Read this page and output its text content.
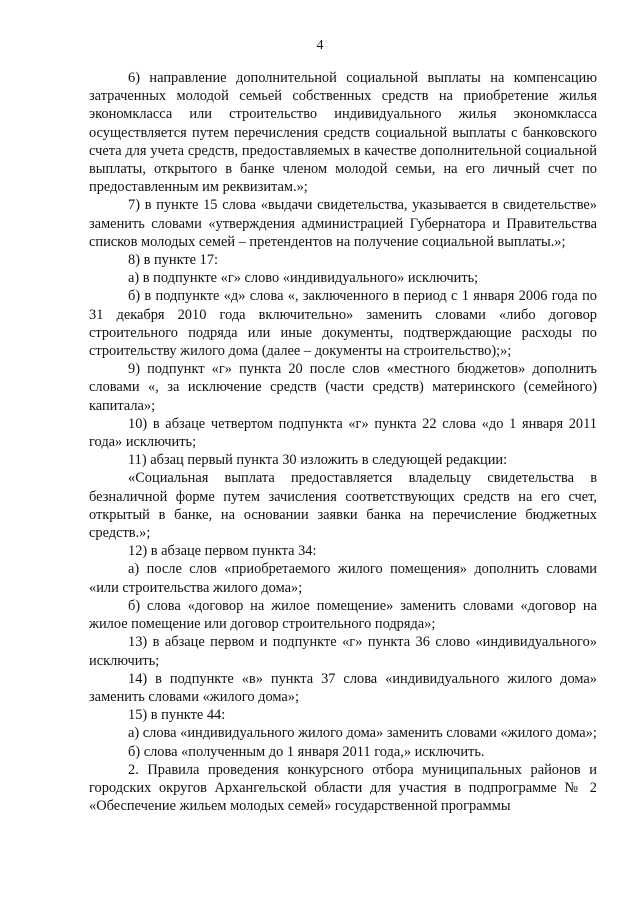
4

6) направление дополнительной социальной выплаты на компенсацию затраченных молодой семьей собственных средств на приобретение жилья экономкласса или строительство индивидуального жилья экономкласса осуществляется путем перечисления средств социальной выплаты с банковского счета для учета средств, предоставляемых в качестве дополнительной социальной выплаты, открытого в банке членом молодой семьи, на его личный счет по предоставленным им реквизитам.»;

7) в пункте 15 слова «выдачи свидетельства, указывается в свидетельстве» заменить словами «утверждения администрацией Губернатора и Правительства списков молодых семей – претендентов на получение социальной выплаты.»;

8) в пункте 17:

а) в подпункте «г» слово «индивидуального» исключить;

б) в подпункте «д» слова «, заключенного в период с 1 января 2006 года по 31 декабря 2010 года включительно» заменить словами «либо договор строительного подряда или иные документы, подтверждающие расходы по строительству жилого дома (далее – документы на строительство);»;

9) подпункт «г» пункта 20 после слов «местного бюджетов» дополнить словами «, за исключение средств (части средств) материнского (семейного) капитала»;

10) в абзаце четвертом подпункта «г» пункта 22 слова «до 1 января 2011 года» исключить;

11) абзац первый пункта 30 изложить в следующей редакции:

«Социальная выплата предоставляется владельцу свидетельства в безналичной форме путем зачисления соответствующих средств на его счет, открытый в банке, на основании заявки банка на перечисление бюджетных средств.»;

12) в абзаце первом пункта 34:

а) после слов «приобретаемого жилого помещения» дополнить словами «или строительства жилого дома»;

б) слова «договор на жилое помещение» заменить словами «договор на жилое помещение или договор строительного подряда»;

13) в абзаце первом и подпункте «г» пункта 36 слово «индивидуального» исключить;

14) в подпункте «в» пункта 37 слова «индивидуального жилого дома» заменить словами «жилого дома»;

15) в пункте 44:

а) слова «индивидуального жилого дома» заменить словами «жилого дома»;

б) слова «полученным до 1 января 2011 года,» исключить.

2. Правила проведения конкурсного отбора муниципальных районов и городских округов Архангельской области для участия в подпрограмме № 2 «Обеспечение жильем молодых семей» государственной программы
